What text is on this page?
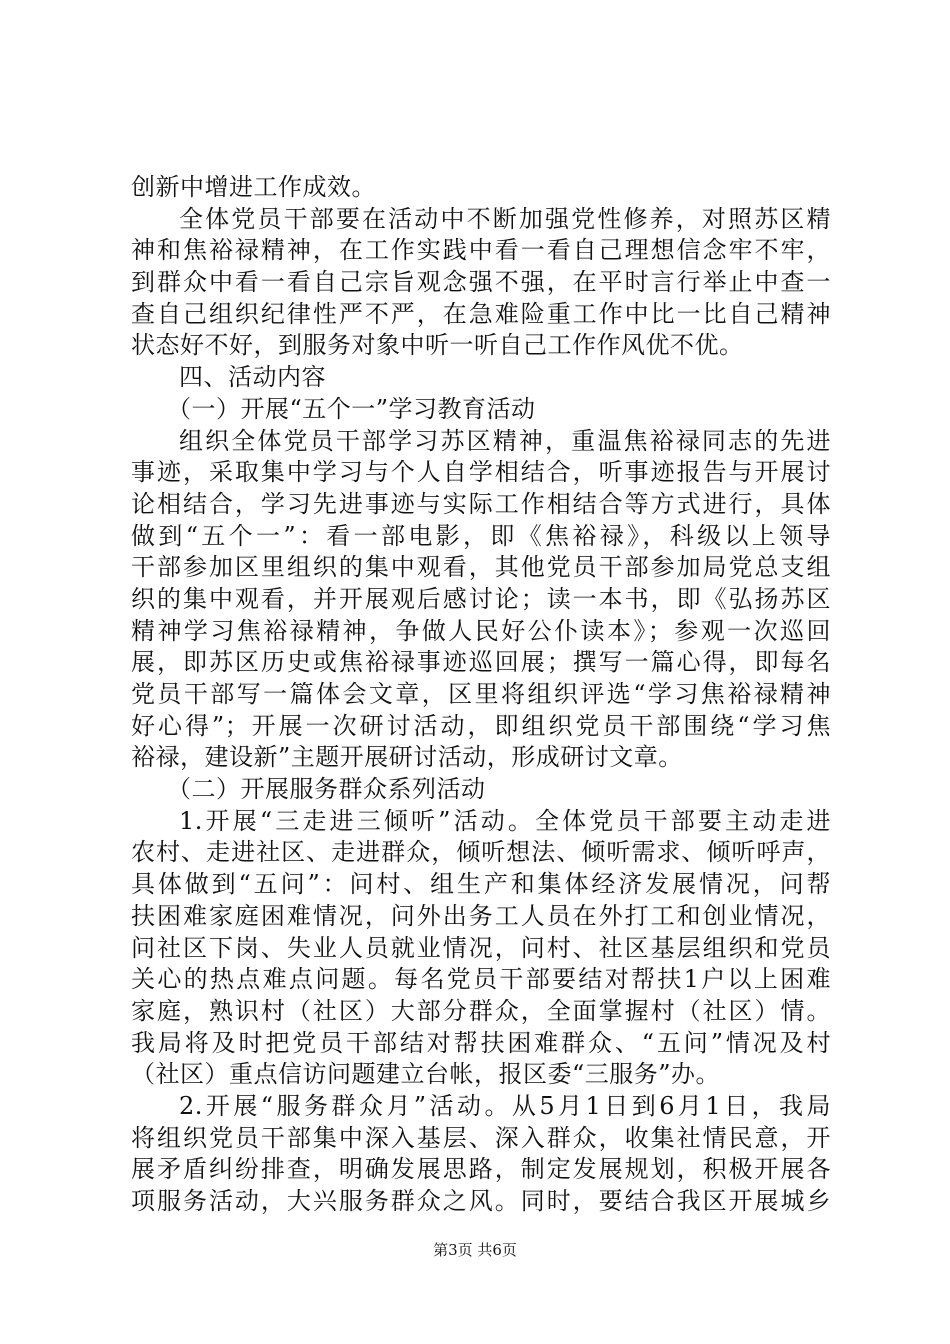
创新中增进工作成效。
全体党员干部要在活动中不断加强党性修养，对照苏区精
神和焦裕禄精神，在工作实践中看一看自己理想信念牢不牢，
到群众中看一看自己宗旨观念强不强，在平时言行举止中查一
查自己组织纪律性严不严，在急难险重工作中比一比自己精神
状态好不好，到服务对象中听一听自己工作作风优不优。
四、活动内容
（一）开展“五个一”学习教育活动
组织全体党员干部学习苏区精神，重温焦裕禄同志的先进
事迹，采取集中学习与个人自学相结合，听事迹报告与开展讨
论相结合，学习先进事迹与实际工作相结合等方式进行，具体
做到“五个一”：看一部电影，即《焦裕禄》，科级以上领导
干部参加区里组织的集中观看，其他党员干部参加局党总支组
织的集中观看，并开展观后感讨论；读一本书，即《弘扬苏区
精神学习焦裕禄精神，争做人民好公仆读本》；参观一次巡回
展，即苏区历史或焦裕禄事迹巡回展；撰写一篇心得，即每名
党员干部写一篇体会文章，区里将组织评选“学习焦裕禄精神
好心得”；开展一次研讨活动，即组织党员干部围绕“学习焦
裕禄，建设新”主题开展研讨活动，形成研讨文章。
（二）开展服务群众系列活动
1.开展“三走进三倾听”活动。全体党员干部要主动走进
农村、走进社区、走进群众，倾听想法、倾听需求、倾听呼声，
具体做到“五问”：问村、组生产和集体经济发展情况，问帮
扶困难家庭困难情况，问外出务工人员在外打工和创业情况，
问社区下岗、失业人员就业情况，问村、社区基层组织和党员
关心的热点难点问题。每名党员干部要结对帮扶1户以上困难
家庭，熟识村（社区）大部分群众，全面掌握村（社区）情。
我局将及时把党员干部结对帮扶困难群众、“五问”情况及村
（社区）重点信访问题建立台帐，报区委“三服务”办。
2.开展“服务群众月”活动。从5月1日到6月1日，我局
将组织党员干部集中深入基层、深入群众，收集社情民意，开
展矛盾纠纷排查，明确发展思路，制定发展规划，积极开展各
项服务活动，大兴服务群众之风。同时，要结合我区开展城乡
第3页 共6页
